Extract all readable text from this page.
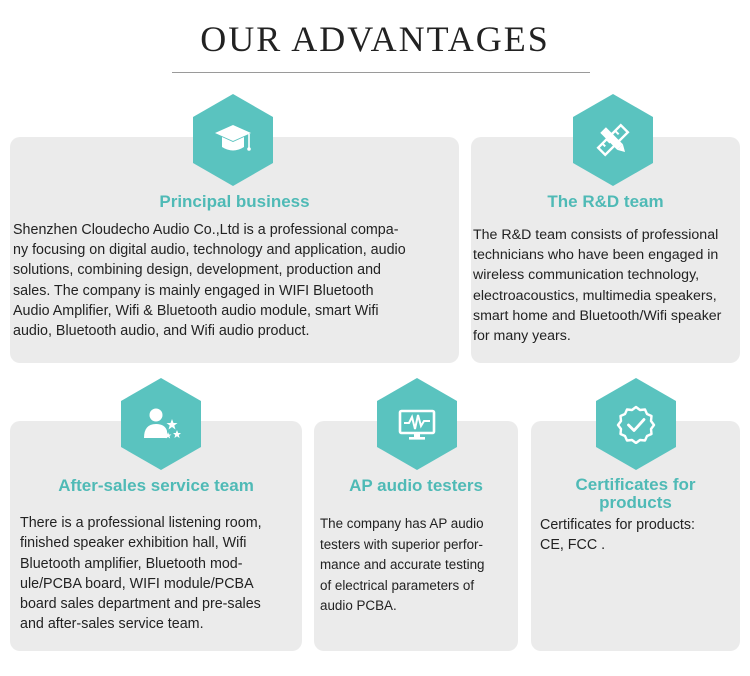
OUR ADVANTAGES
Principal business
Shenzhen Cloudecho Audio Co.,Ltd is a professional compa-
ny focusing on digital audio, technology and application, audio
solutions, combining design, development, production and
sales. The company is mainly engaged in WIFI Bluetooth
Audio Amplifier, Wifi & Bluetooth audio module, smart Wifi
audio, Bluetooth audio, and Wifi audio product.
The R&D team
The R&D team consists of professional
technicians who have been engaged in
wireless communication technology,
electroacoustics, multimedia speakers,
smart home and Bluetooth/Wifi speaker
for many years.
After-sales service team
There is a professional listening room,
finished speaker exhibition hall, Wifi
Bluetooth amplifier, Bluetooth mod-
ule/PCBA board, WIFI module/PCBA
board sales department and pre-sales
and after-sales service team.
AP audio testers
The company has AP audio
testers with superior perfor-
mance and accurate testing
of electrical parameters of
audio PCBA.
Certificates for
products
Certificates for products:
CE, FCC .
